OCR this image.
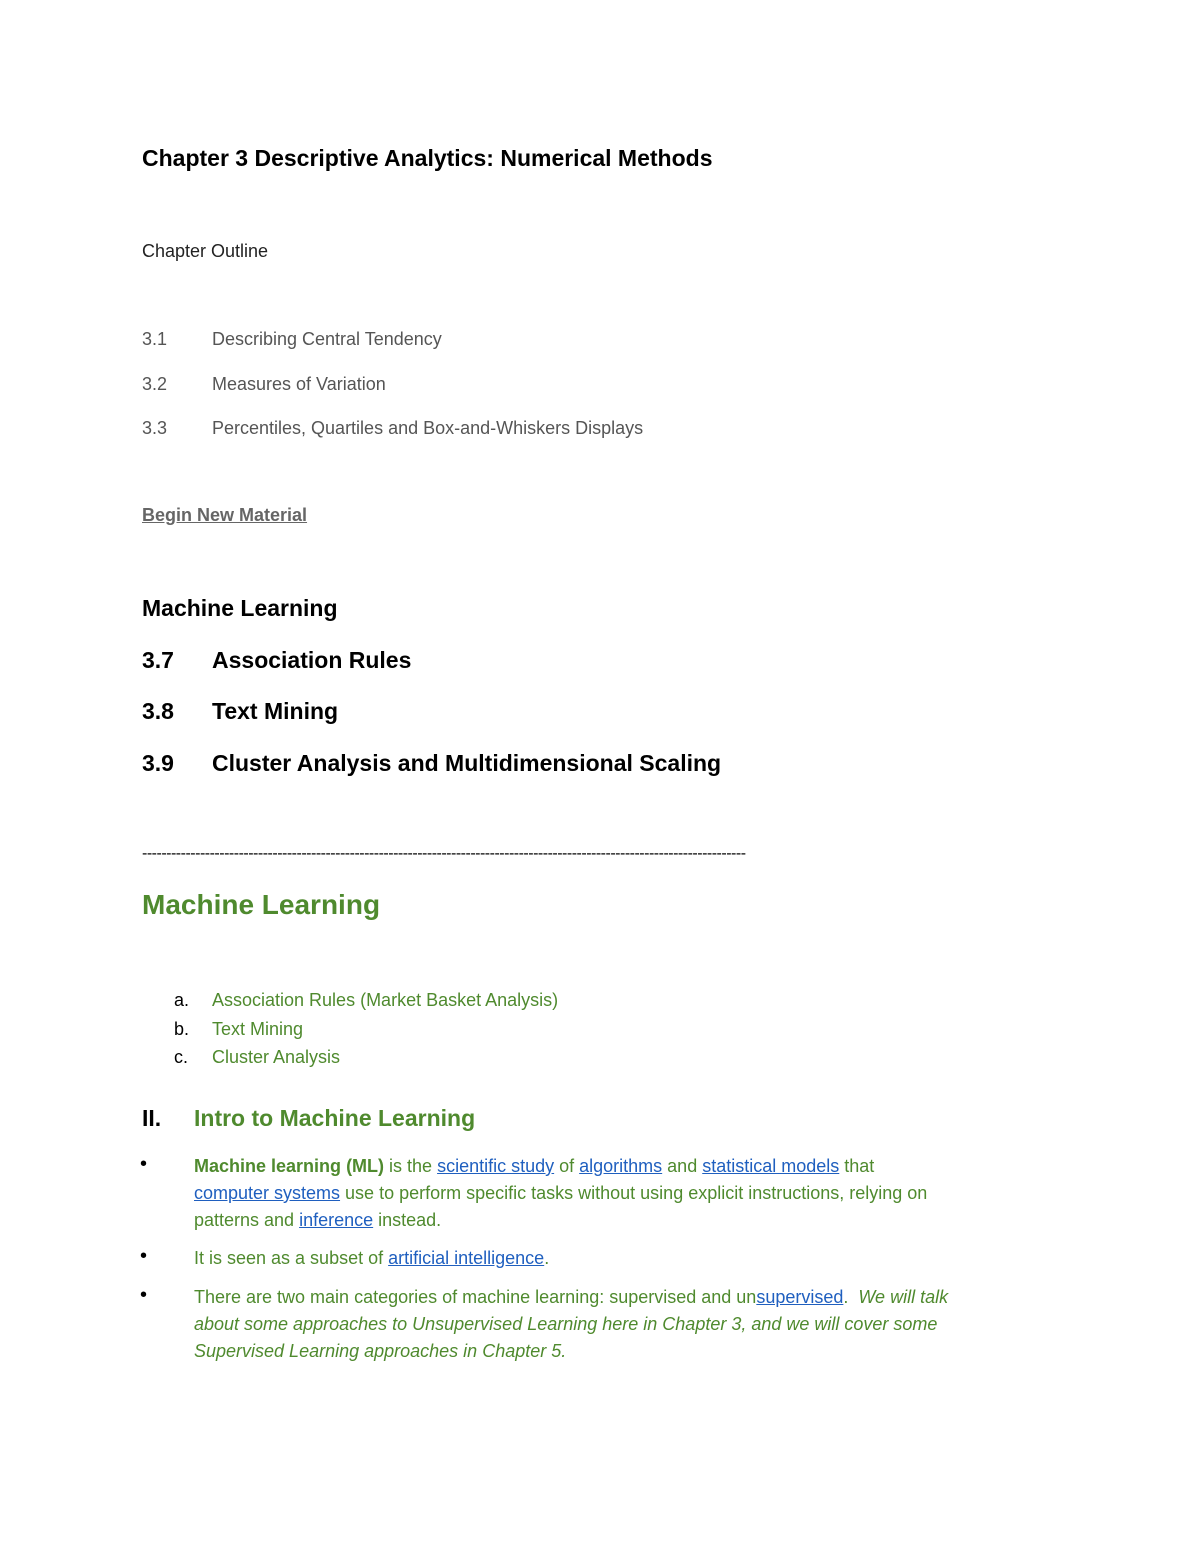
Chapter 3 Descriptive Analytics: Numerical Methods
Chapter Outline
3.1 Describing Central Tendency
3.2 Measures of Variation
3.3 Percentiles, Quartiles and Box-and-Whiskers Displays
Begin New Material
Machine Learning
3.7 Association Rules
3.8 Text Mining
3.9 Cluster Analysis and Multidimensional Scaling
-----------------------------------------------------------------------------------------------------------------------------
Machine Learning
a. Association Rules (Market Basket Analysis)
b. Text Mining
c. Cluster Analysis
II. Intro to Machine Learning
•	Machine learning (ML) is the scientific study of algorithms and statistical models that computer systems use to perform specific tasks without using explicit instructions, relying on patterns and inference instead.
•	It is seen as a subset of artificial intelligence.
•	There are two main categories of machine learning: supervised and unsupervised.  We will talk about some approaches to Unsupervised Learning here in Chapter 3, and we will cover some Supervised Learning approaches in Chapter 5.
